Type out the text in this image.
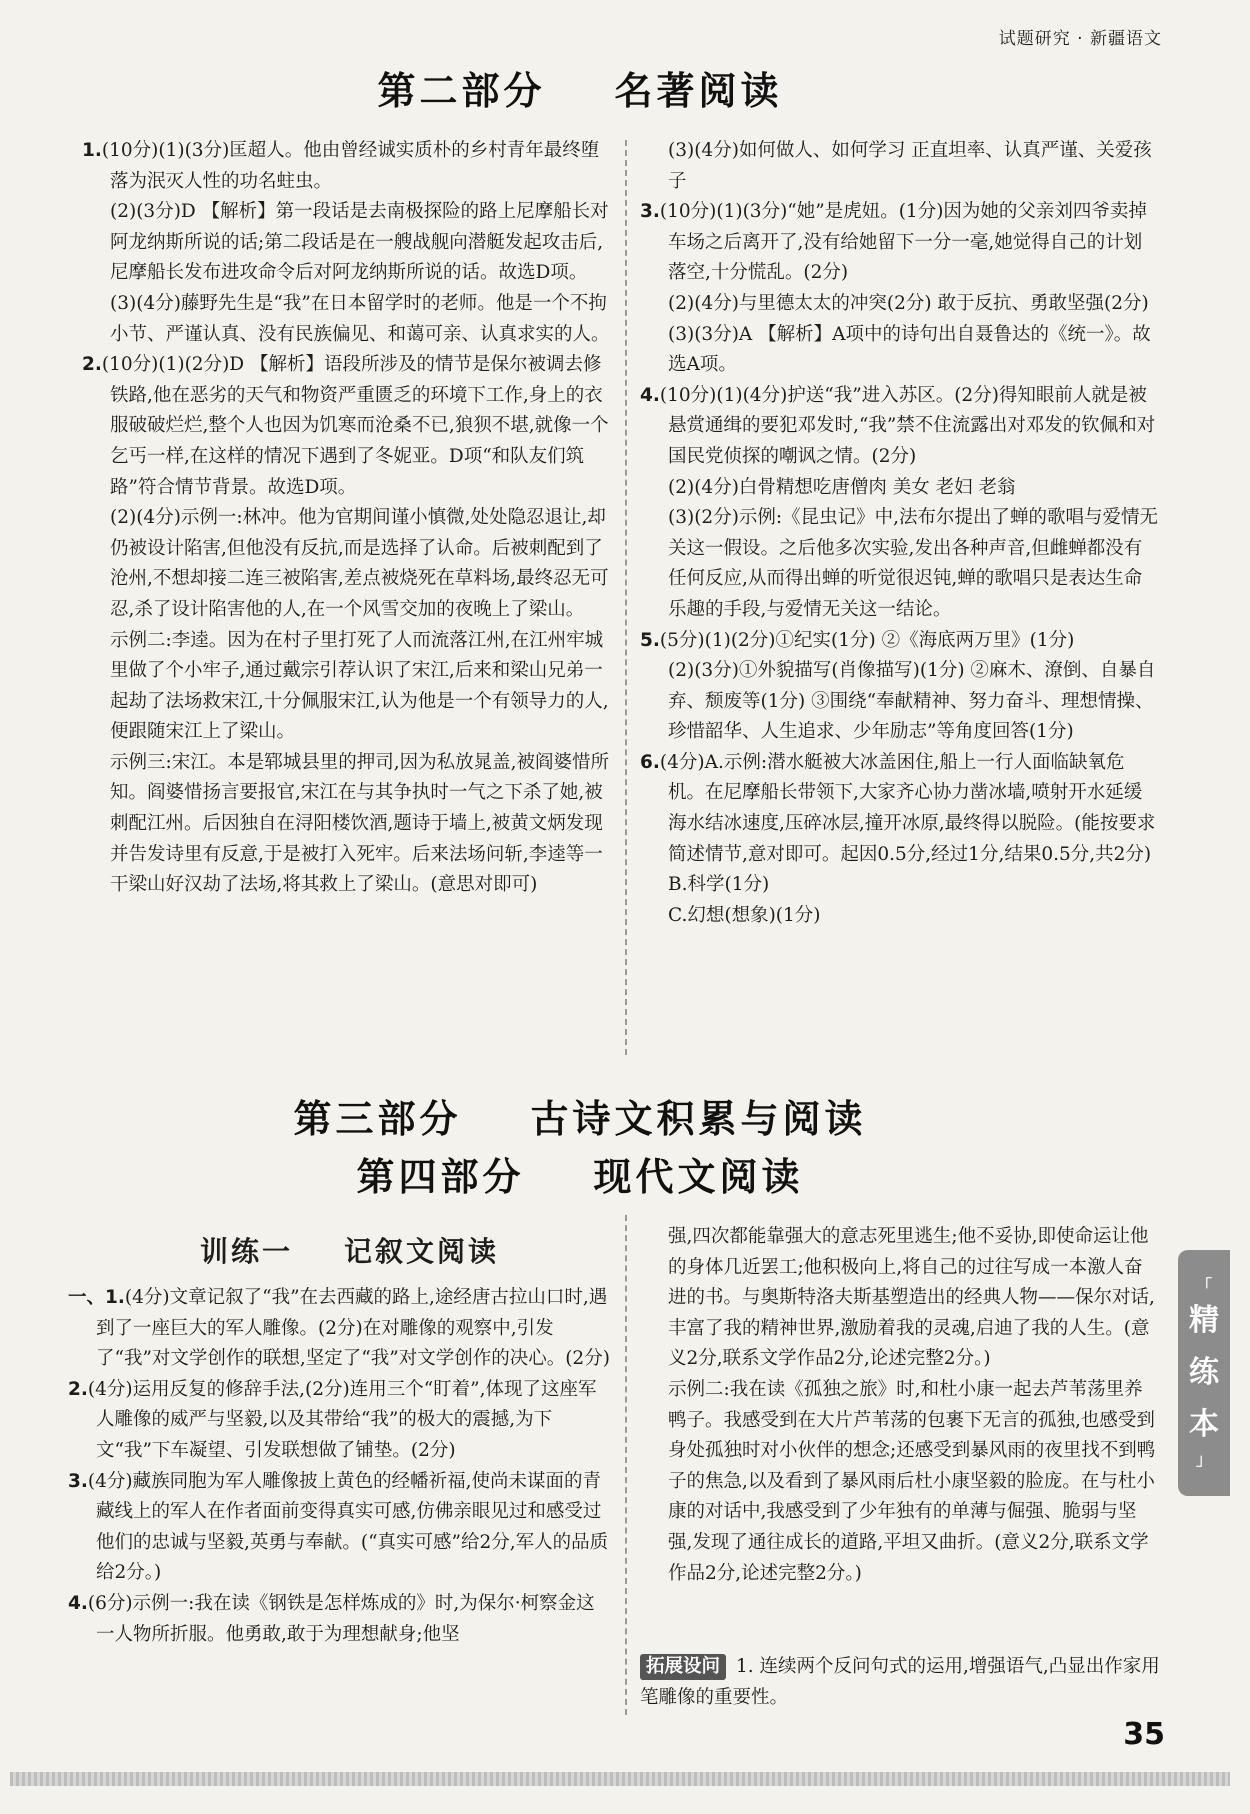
试题研究 · 新疆语文
第二部分    名著阅读

1.(10分)(1)(3分)匡超人。他由曾经诚实质朴的乡村青年最终堕落为泯灭人性的功名蛀虫。

(2)(3分)D 【解析】第一段话是去南极探险的路上尼摩船长对阿龙纳斯所说的话;第二段话是在一艘战舰向潜艇发起攻击后,尼摩船长发布进攻命令后对阿龙纳斯所说的话。故选D项。

(3)(4分)藤野先生是“我”在日本留学时的老师。他是一个不拘小节、严谨认真、没有民族偏见、和蔼可亲、认真求实的人。

2.(10分)(1)(2分)D 【解析】语段所涉及的情节是保尔被调去修铁路,他在恶劣的天气和物资严重匮乏的环境下工作,身上的衣服破破烂烂,整个人也因为饥寒而沧桑不已,狼狈不堪,就像一个乞丐一样,在这样的情况下遇到了冬妮亚。D项“和队友们筑路”符合情节背景。故选D项。

(2)(4分)示例一:林冲。他为官期间谨小慎微,处处隐忍退让,却仍被设计陷害,但他没有反抗,而是选择了认命。后被刺配到了沧州,不想却接二连三被陷害,差点被烧死在草料场,最终忍无可忍,杀了设计陷害他的人,在一个风雪交加的夜晚上了梁山。

示例二:李逵。因为在村子里打死了人而流落江州,在江州牢城里做了个小牢子,通过戴宗引荐认识了宋江,后来和梁山兄弟一起劫了法场救宋江,十分佩服宋江,认为他是一个有领导力的人,便跟随宋江上了梁山。

示例三:宋江。本是郓城县里的押司,因为私放晁盖,被阎婆惜所知。阎婆惜扬言要报官,宋江在与其争执时一气之下杀了她,被刺配江州。后因独自在浔阳楼饮酒,题诗于墙上,被黄文炳发现并告发诗里有反意,于是被打入死牢。后来法场问斩,李逵等一干梁山好汉劫了法场,将其救上了梁山。(意思对即可)

(3)(4分)如何做人、如何学习 正直坦率、认真严谨、关爱孩子

3.(10分)(1)(3分)“她”是虎妞。(1分)因为她的父亲刘四爷卖掉车场之后离开了,没有给她留下一分一毫,她觉得自己的计划落空,十分慌乱。(2分)

(2)(4分)与里德太太的冲突(2分) 敢于反抗、勇敢坚强(2分)

(3)(3分)A 【解析】A项中的诗句出自聂鲁达的《统一》。故选A项。

4.(10分)(1)(4分)护送“我”进入苏区。(2分)得知眼前人就是被悬赏通缉的要犯邓发时,“我”禁不住流露出对邓发的钦佩和对国民党侦探的嘲讽之情。(2分)

(2)(4分)白骨精想吃唐僧肉 美女 老妇 老翁

(3)(2分)示例:《昆虫记》中,法布尔提出了蝉的歌唱与爱情无关这一假设。之后他多次实验,发出各种声音,但雌蝉都没有任何反应,从而得出蝉的听觉很迟钝,蝉的歌唱只是表达生命乐趣的手段,与爱情无关这一结论。

5.(5分)(1)(2分)①纪实(1分) ②《海底两万里》(1分)

(2)(3分)①外貌描写(肖像描写)(1分) ②麻木、潦倒、自暴自弃、颓废等(1分) ③围绕“奉献精神、努力奋斗、理想情操、珍惜韶华、人生追求、少年励志”等角度回答(1分)

6.(4分)A.示例:潜水艇被大冰盖困住,船上一行人面临缺氧危机。在尼摩船长带领下,大家齐心协力凿冰墙,喷射开水延缓海水结冰速度,压碎冰层,撞开冰原,最终得以脱险。(能按要求简述情节,意对即可。起因0.5分,经过1分,结果0.5分,共2分)

B.科学(1分)

C.幻想(想象)(1分)

第三部分    古诗文积累与阅读
第四部分    现代文阅读
训练一    记叙文阅读

一、1.(4分)文章记叙了“我”在去西藏的路上,途经唐古拉山口时,遇到了一座巨大的军人雕像。(2分)在对雕像的观察中,引发了“我”对文学创作的联想,坚定了“我”对文学创作的决心。(2分)

2.(4分)运用反复的修辞手法,(2分)连用三个“盯着”,体现了这座军人雕像的威严与坚毅,以及其带给“我”的极大的震撼,为下文“我”下车凝望、引发联想做了铺垫。(2分)

3.(4分)藏族同胞为军人雕像披上黄色的经幡祈福,使尚未谋面的青藏线上的军人在作者面前变得真实可感,仿佛亲眼见过和感受过他们的忠诚与坚毅,英勇与奉献。(“真实可感”给2分,军人的品质给2分。)

4.(6分)示例一:我在读《钢铁是怎样炼成的》时,为保尔·柯察金这一人物所折服。他勇敢,敢于为理想献身;他坚

强,四次都能靠强大的意志死里逃生;他不妥协,即使命运让他的身体几近罢工;他积极向上,将自己的过往写成一本激人奋进的书。与奥斯特洛夫斯基塑造出的经典人物——保尔对话,丰富了我的精神世界,激励着我的灵魂,启迪了我的人生。(意义2分,联系文学作品2分,论述完整2分。)

示例二:我在读《孤独之旅》时,和杜小康一起去芦苇荡里养鸭子。我感受到在大片芦苇荡的包裹下无言的孤独,也感受到身处孤独时对小伙伴的想念;还感受到暴风雨的夜里找不到鸭子的焦急,以及看到了暴风雨后杜小康坚毅的脸庞。在与杜小康的对话中,我感受到了少年独有的单薄与倔强、脆弱与坚强,发现了通往成长的道路,平坦又曲折。(意义2分,联系文学作品2分,论述完整2分。)

拓展设问 1. 连续两个反问句式的运用,增强语气,凸显出作家用笔雕像的重要性。

「
精
练
本
」
35
